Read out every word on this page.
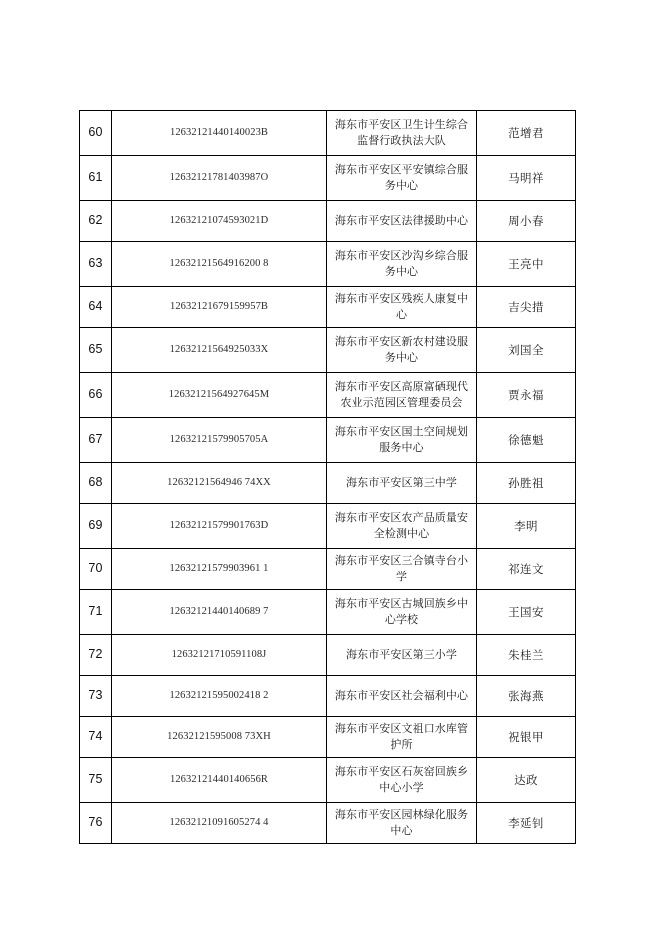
60	12632121440140023B	海东市平安区卫生计生综合监督行政执法大队	范增君
61	12632121781403987O	海东市平安区平安镇综合服务中心	马明祥
62	12632121074593021D	海东市平安区法律援助中心	周小春
63	12632121564916200 8	海东市平安区沙沟乡综合服务中心	王亮中
64	12632121679159957B	海东市平安区残疾人康复中心	吉尖措
65	12632121564925033X	海东市平安区新农村建设服务中心	刘国全
66	12632121564927645M	海东市平安区高原富硒现代农业示范园区管理委员会	贾永福
67	12632121579905705A	海东市平安区国土空间规划服务中心	徐德魁
68	12632121564946 74XX	海东市平安区第三中学	孙胜祖
69	12632121579901763D	海东市平安区农产品质量安全检测中心	李明
70	12632121579903961 1	海东市平安区三合镇寺台小学	祁连文
71	12632121440140689 7	海东市平安区古城回族乡中心学校	王国安
72	12632121710591108J	海东市平安区第三小学	朱桂兰
73	12632121595002418 2	海东市平安区社会福利中心	张海燕
74	12632121595008 73XH	海东市平安区文祖口水库管护所	祝银甲
75	12632121440140656R	海东市平安区石灰窑回族乡中心小学	达政
76	12632121091605274 4	海东市平安区园林绿化服务中心	李延钊
